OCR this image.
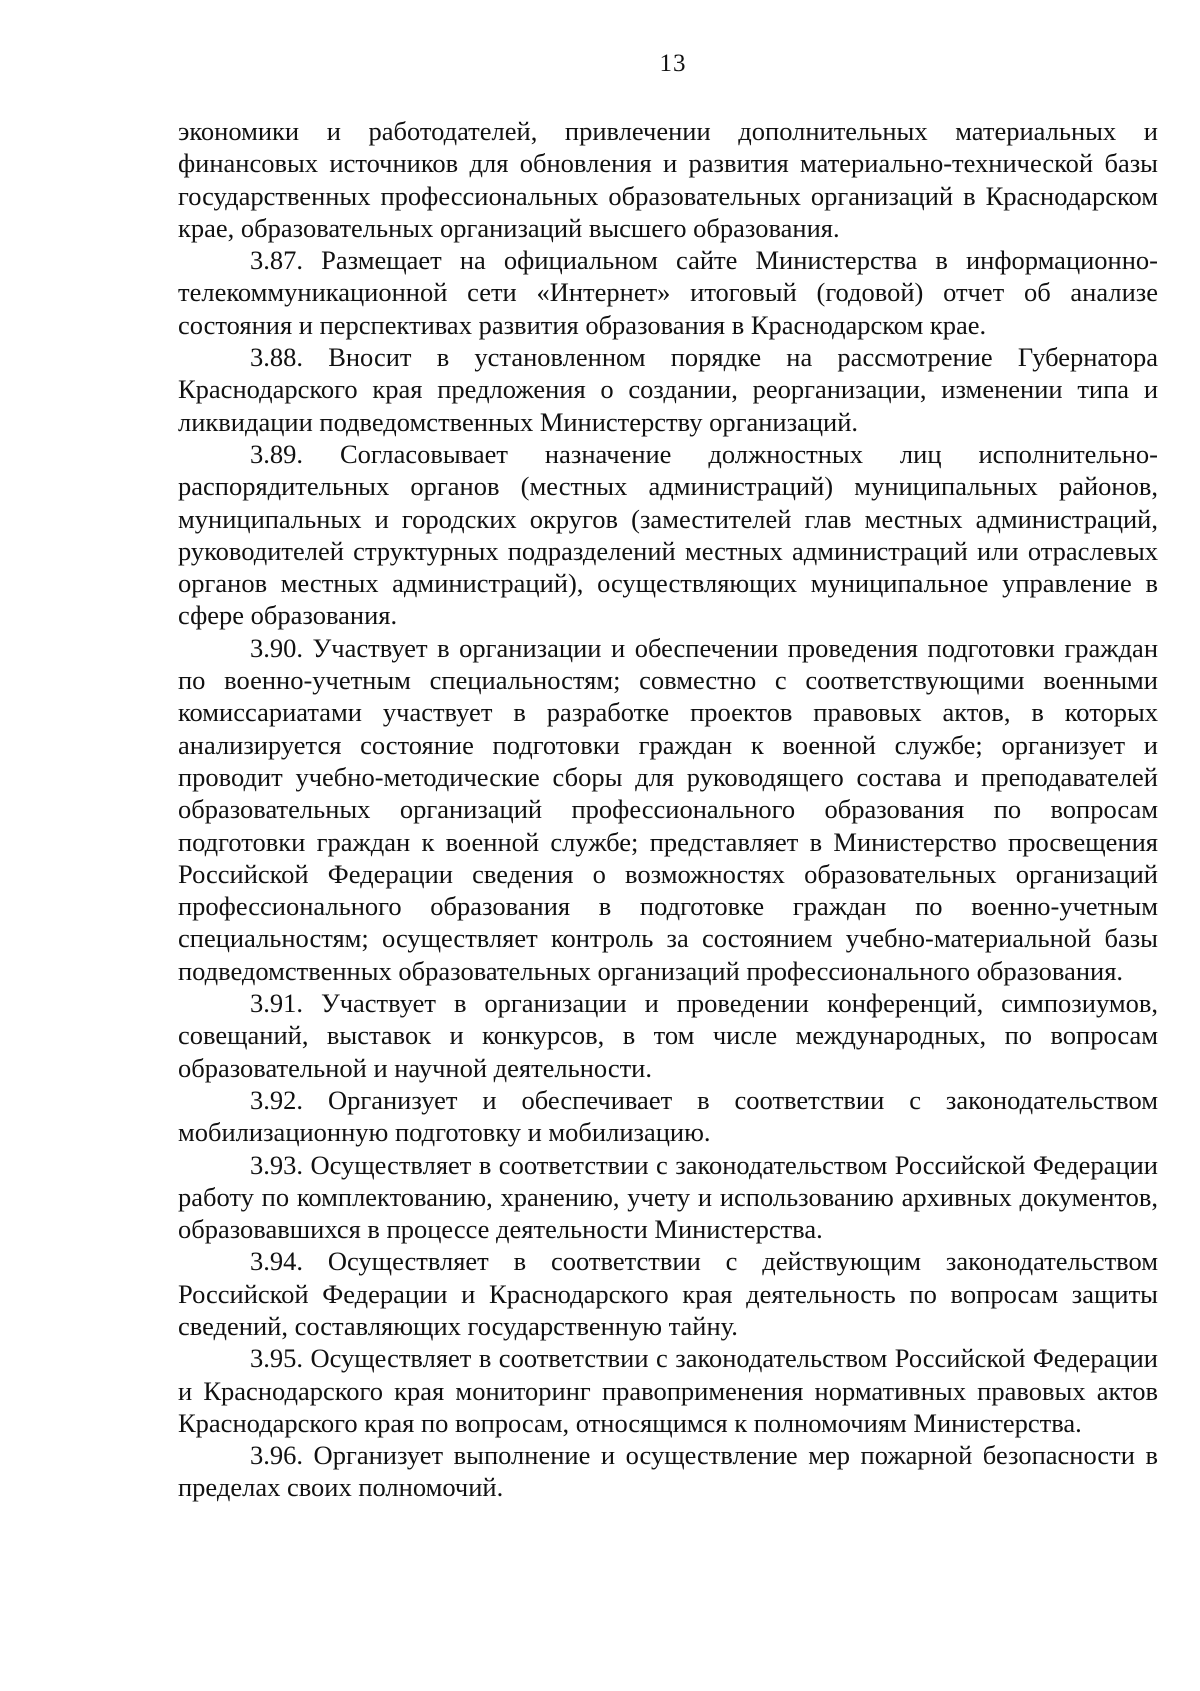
13

экономики и работодателей, привлечении дополнительных материальных и финансовых источников для обновления и развития материально-технической базы государственных профессиональных образовательных организаций в Краснодарском крае, образовательных организаций высшего образования.

3.87. Размещает на официальном сайте Министерства в информационно-телекоммуникационной сети «Интернет» итоговый (годовой) отчет об анализе состояния и перспективах развития образования в Краснодарском крае.

3.88. Вносит в установленном порядке на рассмотрение Губернатора Краснодарского края предложения о создании, реорганизации, изменении типа и ликвидации подведомственных Министерству организаций.

3.89. Согласовывает назначение должностных лиц исполнительно-распорядительных органов (местных администраций) муниципальных районов, муниципальных и городских округов (заместителей глав местных администраций, руководителей структурных подразделений местных администраций или отраслевых органов местных администраций), осуществляющих муниципальное управление в сфере образования.

3.90. Участвует в организации и обеспечении проведения подготовки граждан по военно-учетным специальностям; совместно с соответствующими военными комиссариатами участвует в разработке проектов правовых актов, в которых анализируется состояние подготовки граждан к военной службе; организует и проводит учебно-методические сборы для руководящего состава и преподавателей образовательных организаций профессионального образования по вопросам подготовки граждан к военной службе; представляет в Министерство просвещения Российской Федерации сведения о возможностях образовательных организаций профессионального образования в подготовке граждан по военно-учетным специальностям; осуществляет контроль за состоянием учебно-материальной базы подведомственных образовательных организаций профессионального образования.

3.91. Участвует в организации и проведении конференций, симпозиумов, совещаний, выставок и конкурсов, в том числе международных, по вопросам образовательной и научной деятельности.

3.92. Организует и обеспечивает в соответствии с законодательством мобилизационную подготовку и мобилизацию.

3.93. Осуществляет в соответствии с законодательством Российской Федерации работу по комплектованию, хранению, учету и использованию архивных документов, образовавшихся в процессе деятельности Министерства.

3.94. Осуществляет в соответствии с действующим законодательством Российской Федерации и Краснодарского края деятельность по вопросам защиты сведений, составляющих государственную тайну.

3.95. Осуществляет в соответствии с законодательством Российской Федерации и Краснодарского края мониторинг правоприменения нормативных правовых актов Краснодарского края по вопросам, относящимся к полномочиям Министерства.

3.96. Организует выполнение и осуществление мер пожарной безопасности в пределах своих полномочий.
